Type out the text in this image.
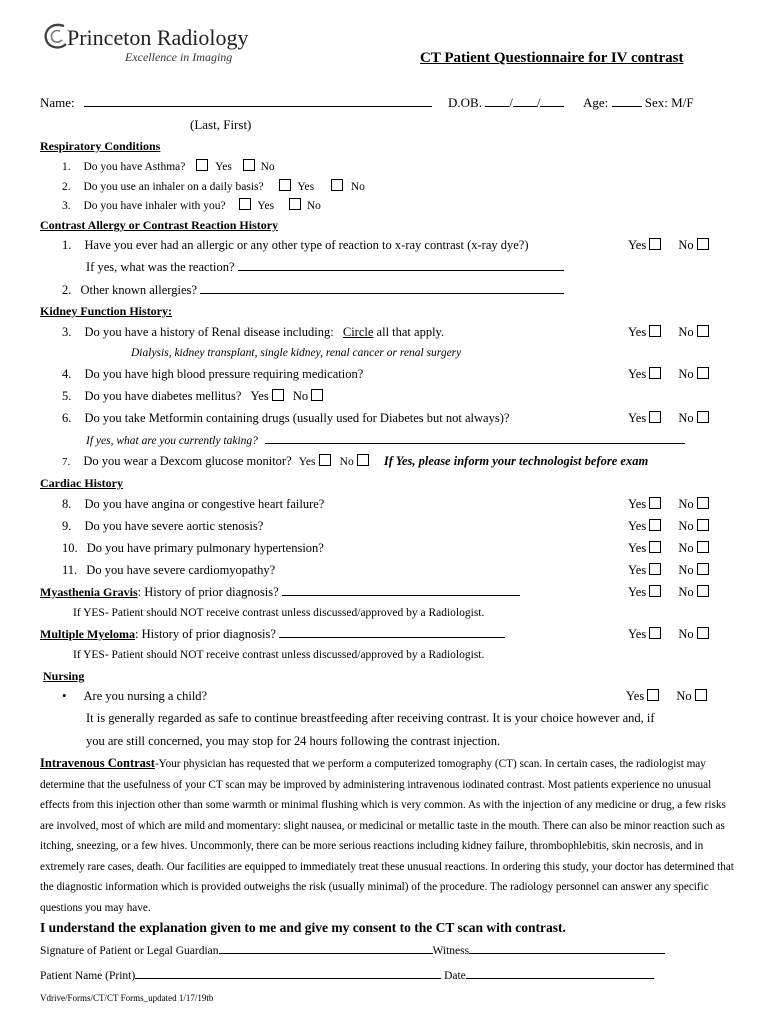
Princeton Radiology
Excellence in Imaging	CT Patient Questionnaire for IV contrast
Name:	D.OB. / /	Age:	Sex: M/F
(Last, First)
Respiratory Conditions
1. Do you have Asthma?	Yes	No
2. Do you use an inhaler on a daily basis?	Yes	No
3. Do you have inhaler with you?	Yes	No
Contrast Allergy or Contrast Reaction History
1. Have you ever had an allergic or any other type of reaction to x-ray contrast (x-ray dye?)	Yes	No
If yes, what was the reaction?
2. Other known allergies?
Kidney Function History:
3. Do you have a history of Renal disease including: Circle all that apply.	Yes	No
Dialysis, kidney transplant, single kidney, renal cancer or renal surgery
4. Do you have high blood pressure requiring medication?	Yes	No
5. Do you have diabetes mellitus? Yes No
6. Do you take Metformin containing drugs (usually used for Diabetes but not always)?	Yes	No
If yes, what are you currently taking?
7. Do you wear a Dexcom glucose monitor? Yes No If Yes, please inform your technologist before exam
Cardiac History
8. Do you have angina or congestive heart failure?	Yes	No
9. Do you have severe aortic stenosis?	Yes	No
10. Do you have primary pulmonary hypertension?	Yes	No
11. Do you have severe cardiomyopathy?	Yes	No
Myasthenia Gravis: History of prior diagnosis?	Yes	No
If YES- Patient should NOT receive contrast unless discussed/approved by a Radiologist.
Multiple Myeloma: History of prior diagnosis?	Yes	No
If YES- Patient should NOT receive contrast unless discussed/approved by a Radiologist.
Nursing
• Are you nursing a child?	Yes	No
It is generally regarded as safe to continue breastfeeding after receiving contrast. It is your choice however and, if
you are still concerned, you may stop for 24 hours following the contrast injection.
Intravenous Contrast-Your physician has requested that we perform a computerized tomography (CT) scan. In certain cases, the radiologist may determine that the usefulness of your CT scan may be improved by administering intravenous iodinated contrast. Most patients experience no unusual effects from this injection other than some warmth or minimal flushing which is very common. As with the injection of any medicine or drug, a few risks are involved, most of which are mild and momentary: slight nausea, or medicinal or metallic taste in the mouth. There can also be minor reaction such as itching, sneezing, or a few hives. Uncommonly, there can be more serious reactions including kidney failure, thrombophlebitis, skin necrosis, and in extremely rare cases, death. Our facilities are equipped to immediately treat these unusual reactions. In ordering this study, your doctor has determined that the diagnostic information which is provided outweighs the risk (usually minimal) of the procedure. The radiology personnel can answer any specific questions you may have.
I understand the explanation given to me and give my consent to the CT scan with contrast.
Signature of Patient or Legal Guardian	Witness
Patient Name (Print)	Date
Vdrive/Forms/CT/CT Forms_updated 1/17/19tb
